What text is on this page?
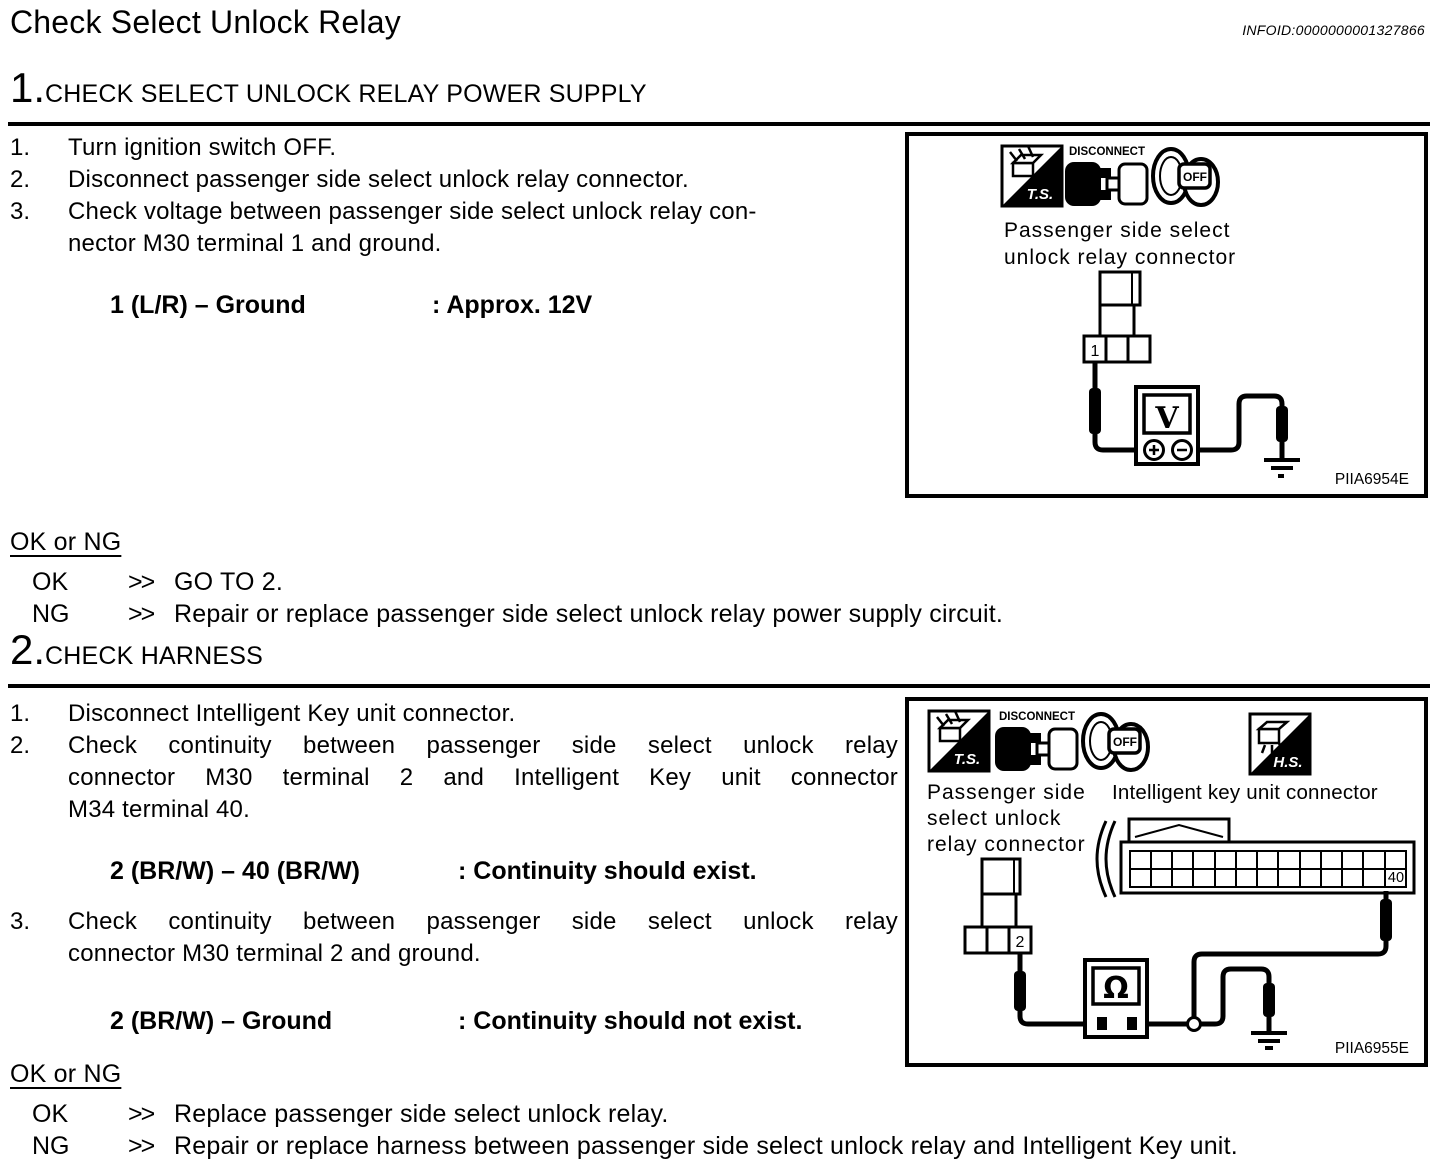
Check Select Unlock Relay	INFOID:0000000001327866
1.CHECK SELECT UNLOCK RELAY POWER SUPPLY
1.	Turn ignition switch OFF.
2.	Disconnect passenger side select unlock relay connector.
3.	Check voltage between passenger side select unlock relay con-
nector M30 terminal 1 and ground.
1 (L/R) – Ground	: Approx. 12V
OK or NG
OK	>> GO TO 2.
NG	>> Repair or replace passenger side select unlock relay power supply circuit.
2.CHECK HARNESS
1.	Disconnect Intelligent Key unit connector.
2.	Check continuity between passenger side select unlock relay
connector M30 terminal 2 and Intelligent Key unit connector
M34 terminal 40.
2 (BR/W) – 40 (BR/W)	: Continuity should exist.
3.	Check continuity between passenger side select unlock relay
connector M30 terminal 2 and ground.
2 (BR/W) – Ground	: Continuity should not exist.
OK or NG
OK	>> Replace passenger side select unlock relay.
NG	>> Repair or replace harness between passenger side select unlock relay and Intelligent Key unit.
T.S.
DISCONNECT
OFF
Passenger side select
unlock relay connector
1
V
PIIA6954E
T.S.
DISCONNECT
OFF
H.S.
Passenger side
select unlock
relay connector
Intelligent key unit connector
40
2
Ω
PIIA6955E
